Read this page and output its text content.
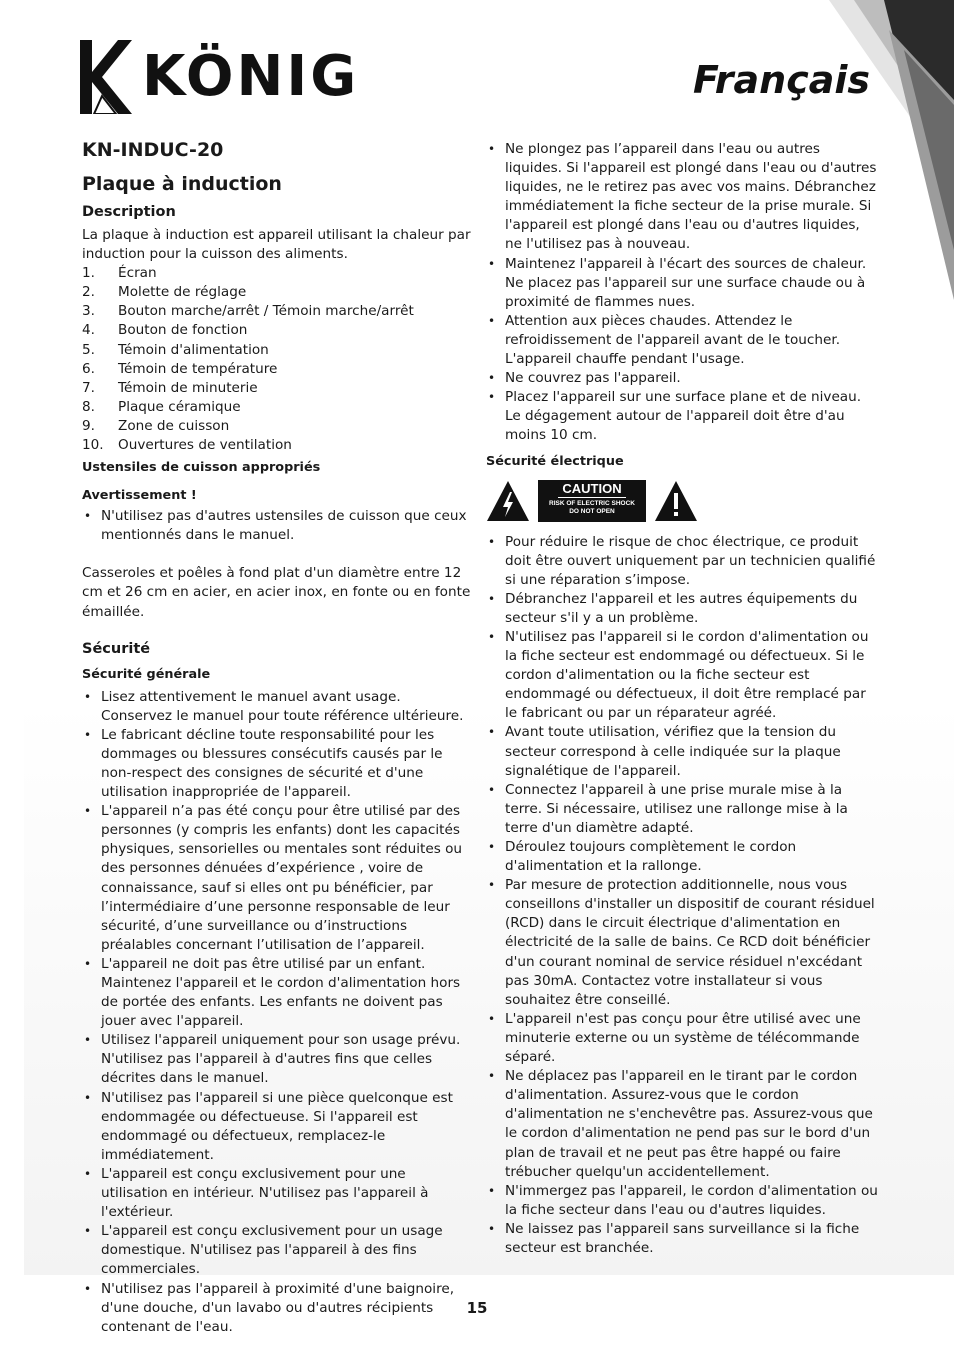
KÖNIG	Français
KN-INDUC-20
Plaque à induction
Description

La plaque à induction est appareil utilisant la chaleur par induction pour la cuisson des aliments.

1. Écran
2. Molette de réglage
3. Bouton marche/arrêt / Témoin marche/arrêt
4. Bouton de fonction
5. Témoin d'alimentation
6. Témoin de température
7. Témoin de minuterie
8. Plaque céramique
9. Zone de cuisson
10. Ouvertures de ventilation
Ustensiles de cuisson appropriés
Avertissement !
• N'utilisez pas d'autres ustensiles de cuisson que ceux mentionnés dans le manuel.

Casseroles et poêles à fond plat d'un diamètre entre 12 cm et 26 cm en acier, en acier inox, en fonte ou en fonte émaillée.

Sécurité
Sécurité générale
• Lisez attentivement le manuel avant usage. Conservez le manuel pour toute référence ultérieure.
• Le fabricant décline toute responsabilité pour les dommages ou blessures consécutifs causés par le non-respect des consignes de sécurité et d'une utilisation inappropriée de l'appareil.
• L'appareil n’a pas été conçu pour être utilisé par des personnes (y compris les enfants) dont les capacités physiques, sensorielles ou mentales sont réduites ou des personnes dénuées d’expérience , voire de connaissance, sauf si elles ont pu bénéficier, par l’intermédiaire d’une personne responsable de leur sécurité, d’une surveillance ou d’instructions préalables concernant l’utilisation de l’appareil.
• L'appareil ne doit pas être utilisé par un enfant. Maintenez l'appareil et le cordon d'alimentation hors de portée des enfants. Les enfants ne doivent pas jouer avec l'appareil.
• Utilisez l'appareil uniquement pour son usage prévu. N'utilisez pas l'appareil à d'autres fins que celles décrites dans le manuel.
• N'utilisez pas l'appareil si une pièce quelconque est endommagée ou défectueuse. Si l'appareil est endommagé ou défectueux, remplacez-le immédiatement.
• L'appareil est conçu exclusivement pour une utilisation en intérieur. N'utilisez pas l'appareil à l'extérieur.
• L'appareil est conçu exclusivement pour un usage domestique. N'utilisez pas l'appareil à des fins commerciales.
• N'utilisez pas l'appareil à proximité d'une baignoire, d'une douche, d'un lavabo ou d'autres récipients contenant de l'eau.
• Ne plongez pas l’appareil dans l'eau ou autres liquides. Si l'appareil est plongé dans l'eau ou d'autres liquides, ne le retirez pas avec vos mains. Débranchez immédiatement la fiche secteur de la prise murale. Si l'appareil est plongé dans l'eau ou d'autres liquides, ne l'utilisez pas à nouveau.
• Maintenez l'appareil à l'écart des sources de chaleur. Ne placez pas l'appareil sur une surface chaude ou à proximité de flammes nues.
• Attention aux pièces chaudes. Attendez le refroidissement de l'appareil avant de le toucher. L'appareil chauffe pendant l'usage.
• Ne couvrez pas l'appareil.
• Placez l'appareil sur une surface plane et de niveau. Le dégagement autour de l'appareil doit être d'au moins 10 cm.
Sécurité électrique
CAUTION
RISK OF ELECTRIC SHOCK
DO NOT OPEN
• Pour réduire le risque de choc électrique, ce produit doit être ouvert uniquement par un technicien qualifié si une réparation s’impose.
• Débranchez l'appareil et les autres équipements du secteur s'il y a un problème.
• N'utilisez pas l'appareil si le cordon d'alimentation ou la fiche secteur est endommagé ou défectueux. Si le cordon d'alimentation ou la fiche secteur est endommagé ou défectueux, il doit être remplacé par le fabricant ou par un réparateur agréé.
• Avant toute utilisation, vérifiez que la tension du secteur correspond à celle indiquée sur la plaque signalétique de l'appareil.
• Connectez l'appareil à une prise murale mise à la terre. Si nécessaire, utilisez une rallonge mise à la terre d'un diamètre adapté.
• Déroulez toujours complètement le cordon d'alimentation et la rallonge.
• Par mesure de protection additionnelle, nous vous conseillons d'installer un dispositif de courant résiduel (RCD) dans le circuit électrique d'alimentation en électricité de la salle de bains. Ce RCD doit bénéficier d'un courant nominal de service résiduel n'excédant pas 30mA. Contactez votre installateur si vous souhaitez être conseillé.
• L'appareil n'est pas conçu pour être utilisé avec une minuterie externe ou un système de télécommande séparé.
• Ne déplacez pas l'appareil en le tirant par le cordon d'alimentation. Assurez-vous que le cordon d'alimentation ne s'enchevêtre pas. Assurez-vous que le cordon d'alimentation ne pend pas sur le bord d'un plan de travail et ne peut pas être happé ou faire trébucher quelqu'un accidentellement.
• N'immergez pas l'appareil, le cordon d'alimentation ou la fiche secteur dans l'eau ou d'autres liquides.
• Ne laissez pas l'appareil sans surveillance si la fiche secteur est branchée.
15
